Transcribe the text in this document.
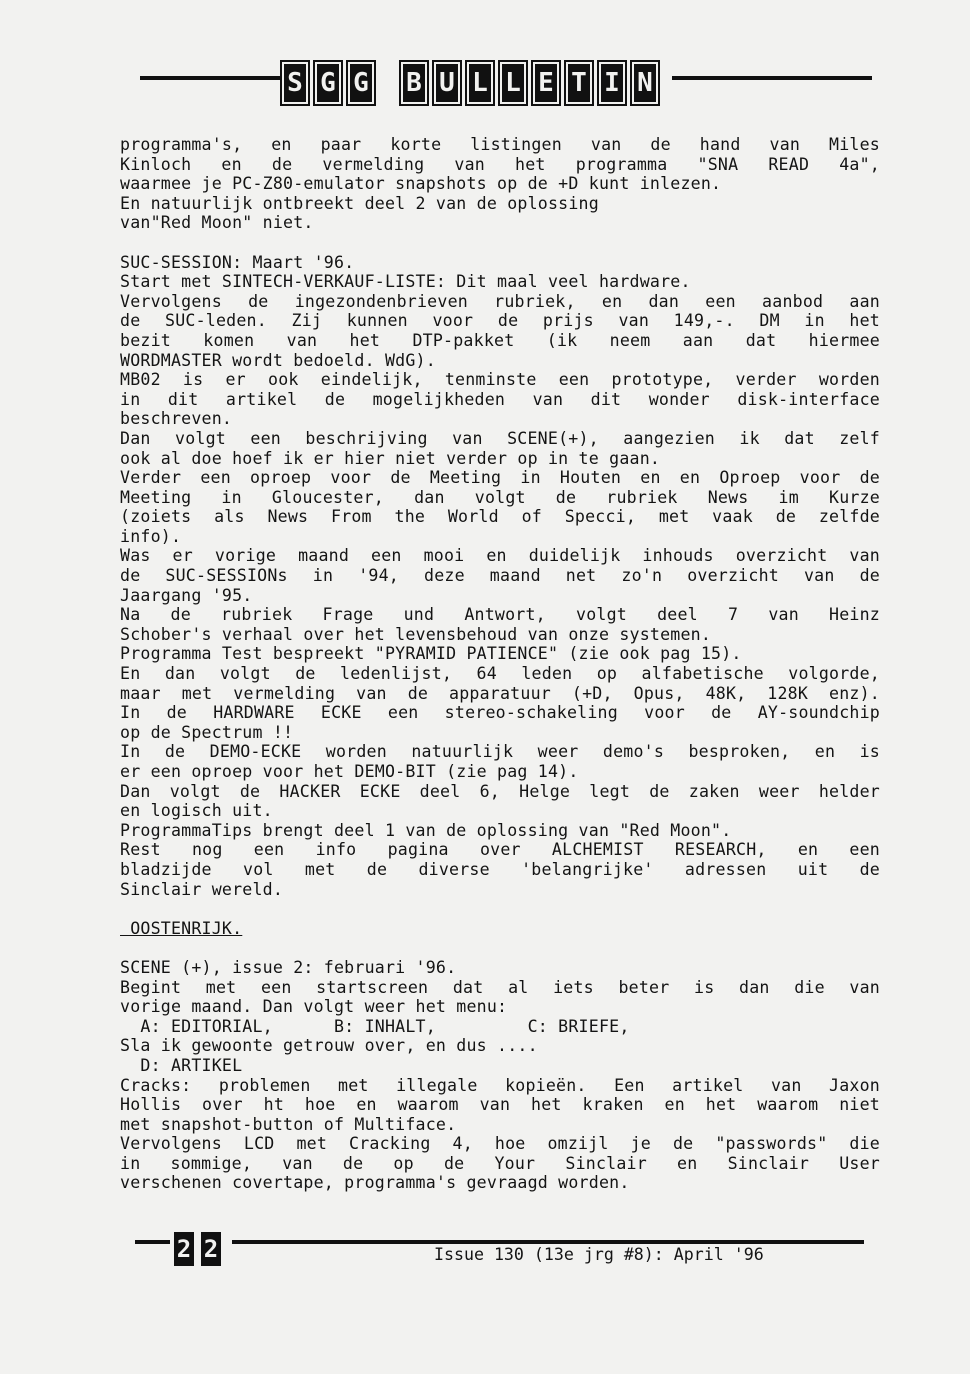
S G G B U L L E T I N
programma's, en paar korte listingen van de hand van Miles
Kinloch en de vermelding van het programma "SNA READ 4a",
waarmee je PC-Z80-emulator snapshots op de +D kunt inlezen.
En natuurlijk ontbreekt deel 2 van de oplossing
van"Red Moon" niet.
SUC-SESSION: Maart '96.
Start met SINTECH-VERKAUF-LISTE: Dit maal veel hardware.
Vervolgens de ingezondenbrieven rubriek, en dan een aanbod aan
de SUC-leden. Zij kunnen voor de prijs van 149,-. DM in het
bezit komen van het DTP-pakket (ik neem aan dat hiermee
WORDMASTER wordt bedoeld. WdG).
MB02 is er ook eindelijk, tenminste een prototype, verder worden
in dit artikel de mogelijkheden van dit wonder disk-interface
beschreven.
Dan volgt een beschrijving van SCENE(+), aangezien ik dat zelf
ook al doe hoef ik er hier niet verder op in te gaan.
Verder een oproep voor de Meeting in Houten en en Oproep voor de
Meeting in Gloucester, dan volgt de rubriek News im Kurze
(zoiets als News From the World of Specci, met vaak de zelfde
info).
Was er vorige maand een mooi en duidelijk inhouds overzicht van
de SUC-SESSIONs in '94, deze maand net zo'n overzicht van de
Jaargang '95.
Na de rubriek Frage und Antwort, volgt deel 7 van Heinz
Schober's verhaal over het levensbehoud van onze systemen.
Programma Test bespreekt "PYRAMID PATIENCE" (zie ook pag 15).
En dan volgt de ledenlijst, 64 leden op alfabetische volgorde,
maar met vermelding van de apparatuur (+D, Opus, 48K, 128K enz).
In de HARDWARE ECKE een stereo-schakeling voor de AY-soundchip
op de Spectrum !!
In de DEMO-ECKE worden natuurlijk weer demo's besproken, en is
er een oproep voor het DEMO-BIT (zie pag 14).
Dan volgt de HACKER ECKE deel 6, Helge legt de zaken weer helder
en logisch uit.
ProgrammaTips brengt deel 1 van de oplossing van "Red Moon".
Rest nog een info pagina over ALCHEMIST RESEARCH, en een
bladzijde vol met de diverse 'belangrijke' adressen uit de
Sinclair wereld.
OOSTENRIJK.
SCENE (+), issue 2: februari '96.
Begint met een startscreen dat al iets beter is dan die van
vorige maand. Dan volgt weer het menu:
A: EDITORIAL,      B: INHALT,         C: BRIEFE,
Sla ik gewoonte getrouw over, en dus ....
D: ARTIKEL
Cracks: problemen met illegale kopieën. Een artikel van Jaxon
Hollis over ht hoe en waarom van het kraken en het waarom niet
met snapshot-button of Multiface.
Vervolgens LCD met Cracking 4, hoe omzijl je de "passwords" die
in sommige, van de op de Your Sinclair en Sinclair User
verschenen covertape, programma's gevraagd worden.
2 2	Issue 130 (13e jrg #8): April '96
